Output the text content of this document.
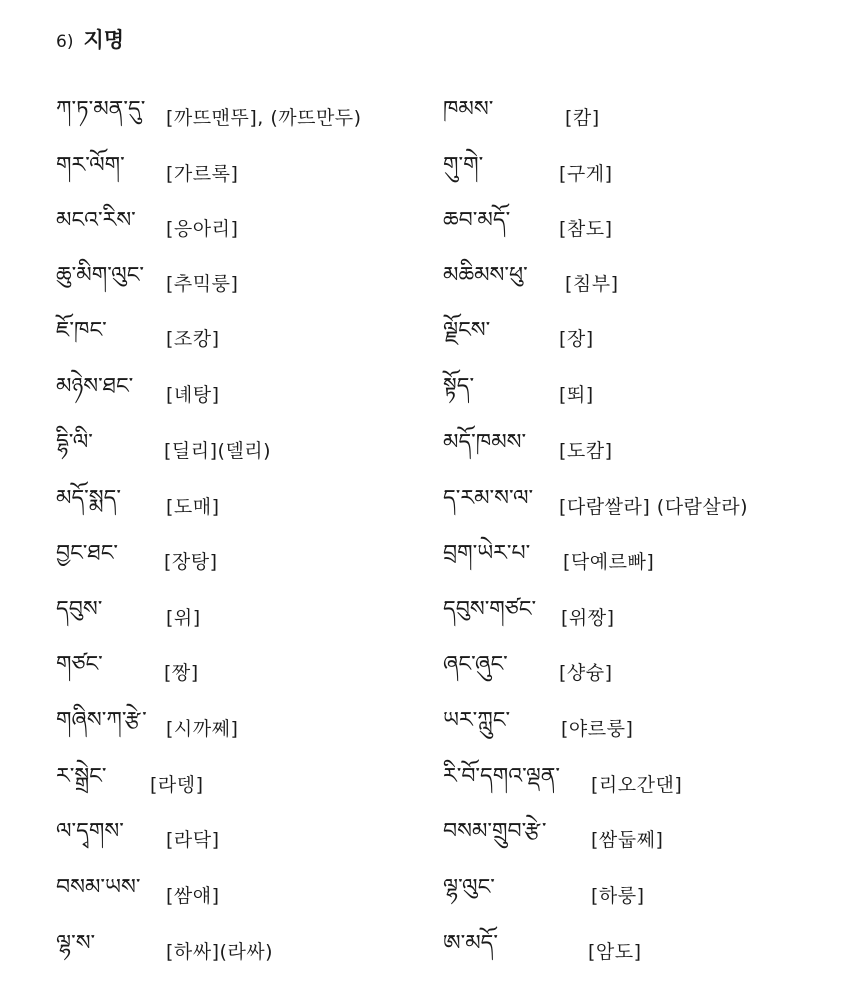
6) 지명
ཀ་ཏ་མན་དུ་ [까뜨맨뚜], (까뜨만두)
གར་ལོག་ [가르록]
མངའ་རིས་ [응아리]
ཆུ་མིག་ལུང་ [추믹룽]
ཇོ་ཁང་	[조캉]
མཉེས་ཐང་ [녜탕]
དྷི་ལི་	[딜리](델리)
མདོ་སྨད་ [도매]
བྱང་ཐང་ [장탕]
དབུས་	[위]
གཙང་	[짱]
གཞིས་ཀ་རྩེ་ [시까쩨]
ར་སྒྲེང་ [라뎅]
ལ་དྭགས་ [라닥]
བསམ་ཡས་ [쌈얘]
ལྷ་ས་	[하싸](라싸)
ཁམས་	[캄]
གུ་གེ་	[구게]
ཆབ་མདོ་	[참도]
མཆིམས་ཕུ་ [침부]
ལྗོངས་	[장]
སྟོད་	[뙤]
མདོ་ཁམས་ [도캄]
ད་རམ་ས་ལ་ [다람쌀라] (다람살라)
བྲག་ཡེར་པ་ [닥예르빠]
དབུས་གཙང་ [위짱]
ཞང་ཞུང་	[샹슝]
ཡར་ཀླུང་	[야르룽]
རི་བོ་དགའ་ལྡན་ [리오간댄]
བསམ་གྲུབ་རྩེ་ [쌈둡쩨]
ལྷ་ལུང་	[하룽]
ཨ་མདོ་	[암도]
